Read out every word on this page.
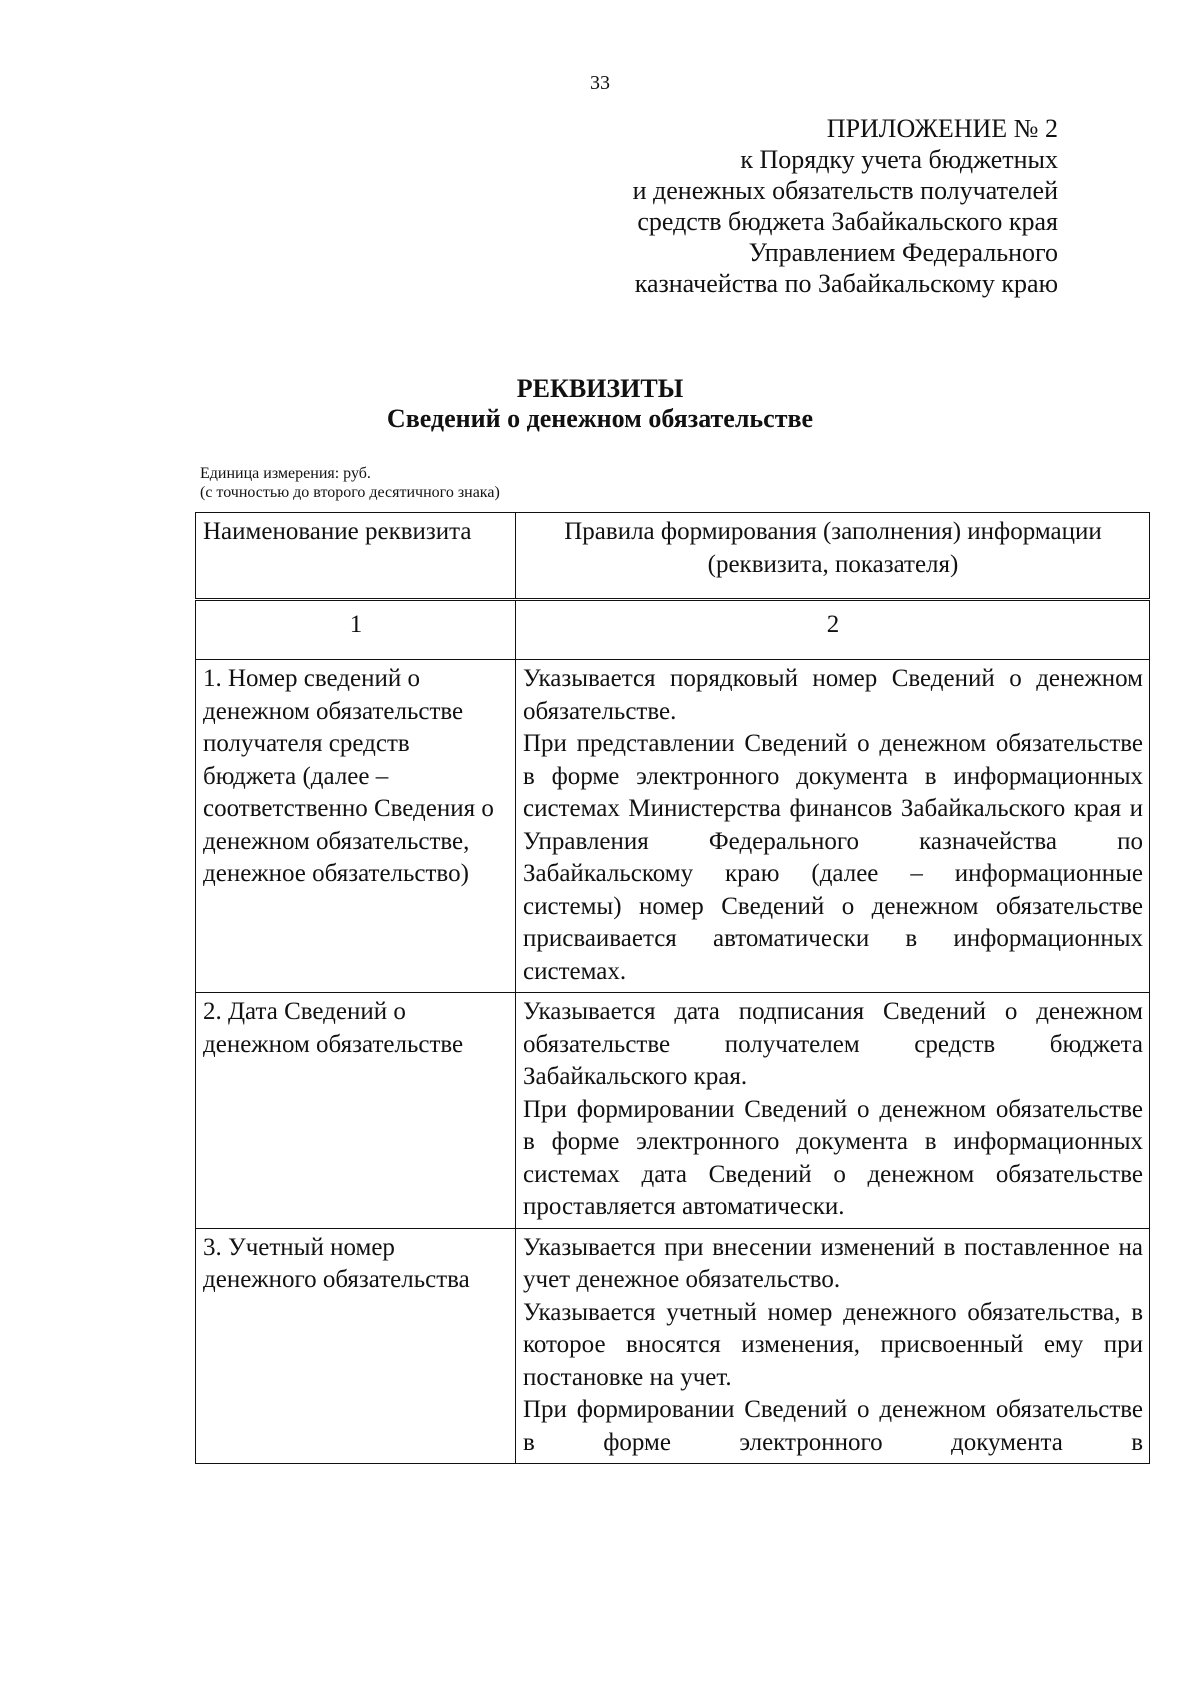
33
ПРИЛОЖЕНИЕ № 2
к Порядку учета бюджетных
и денежных обязательств получателей
средств бюджета Забайкальского края
Управлением Федерального
казначейства по Забайкальскому краю
РЕКВИЗИТЫ
Сведений о денежном обязательстве
Единица измерения: руб.
(с точностью до второго десятичного знака)
Наименование реквизита	Правила формирования (заполнения) информации (реквизита, показателя)
1	2
1. Номер сведений о денежном обязательстве получателя средств бюджета (далее – соответственно Сведения о денежном обязательстве, денежное обязательство)	Указывается порядковый номер Сведений о денежном обязательстве.

При представлении Сведений о денежном обязательстве в форме электронного документа в информационных системах Министерства финансов Забайкальского края и Управления Федерального казначейства по Забайкальскому краю (далее – информационные системы) номер Сведений о денежном обязательстве присваивается автоматически в информационных системах.

2. Дата Сведений о денежном обязательстве	Указывается дата подписания Сведений о денежном обязательстве получателем средств бюджета Забайкальского края.

При формировании Сведений о денежном обязательстве в форме электронного документа в информационных системах дата Сведений о денежном обязательстве проставляется автоматически.

3. Учетный номер денежного обязательства	Указывается при внесении изменений в поставленное на учет денежное обязательство.

Указывается учетный номер денежного обязательства, в которое вносятся изменения, присвоенный ему при постановке на учет.

При формировании Сведений о денежном обязательстве в форме электронного документа в
